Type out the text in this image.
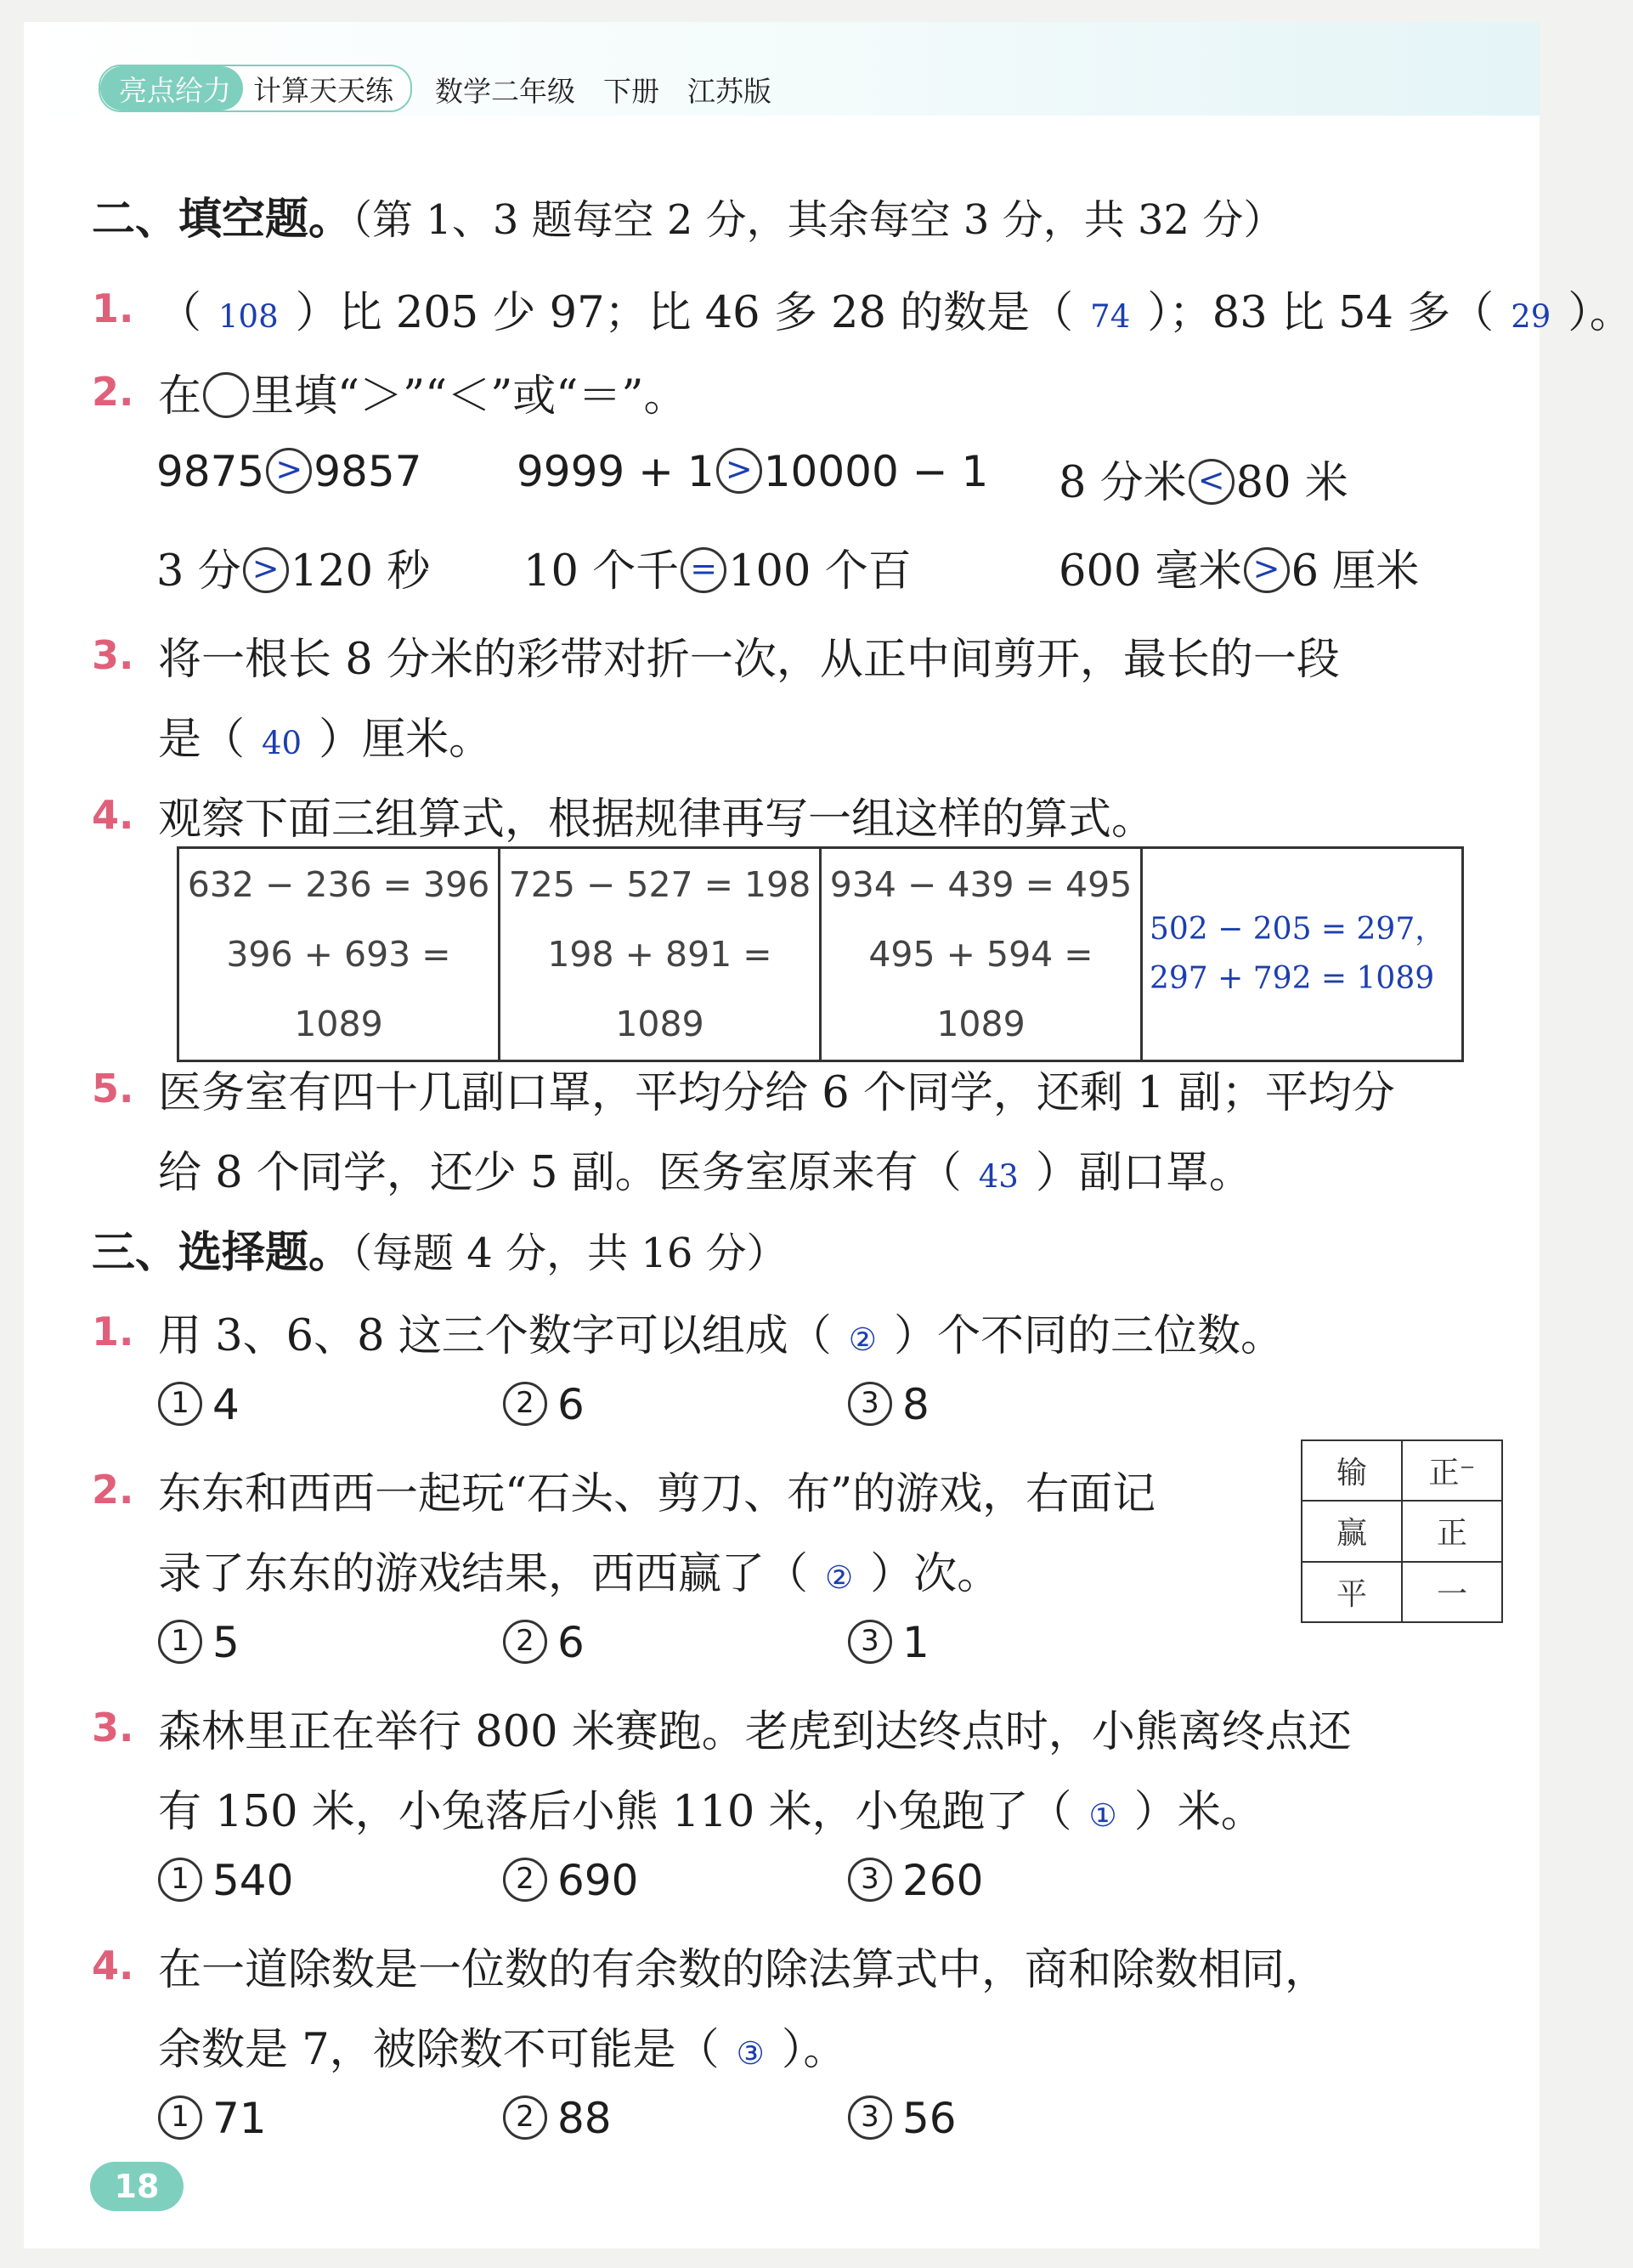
亮点给力 计算天天练	数学二年级　下册　江苏版
二、填空题。（第 1、3 题每空 2 分，其余每空 3 分，共 32 分）
1. （ 108 ）比 205 少 97；比 46 多 28 的数是（ 74 ）；83 比 54 多（ 29 ）。
2. 在 里填“＞”“＜”或“＝”。
9875 > 9857 9999 + 1 > 10000 − 1 8 分米 < 80 米
3 分 > 120 秒 10 个千 = 100 个百	600 毫米 > 6 厘米
3. 将一根长 8 分米的彩带对折一次，从正中间剪开，最长的一段
是（ 40 ）厘米。
4. 观察下面三组算式，根据规律再写一组这样的算式。
632 − 236 = 396
396 + 693 = 1089

725 − 527 = 198
198 + 891 = 1089

934 − 439 = 495
495 + 594 = 1089

502 − 205 = 297，
297 + 792 = 1089
5. 医务室有四十几副口罩，平均分给 6 个同学，还剩 1 副；平均分
给 8 个同学，还少 5 副。医务室原来有（ 43 ）副口罩。
三、选择题。（每题 4 分，共 16 分）
1. 用 3、6、8 这三个数字可以组成（ ② ）个不同的三位数。
1 4	2 6	3 8
2. 东东和西西一起玩“石头、剪刀、布”的游戏，右面记
录了东东的游戏结果，西西赢了（ ② ）次。
1 5	2 6	3 1
输	正⁻
赢	正
平	一
3. 森林里正在举行 800 米赛跑。老虎到达终点时，小熊离终点还
有 150 米，小兔落后小熊 110 米，小兔跑了（ ① ）米。
1 540	2 690	3 260
4. 在一道除数是一位数的有余数的除法算式中，商和除数相同，
余数是 7，被除数不可能是（ ③ ）。
1 71	2 88	3 56
18
